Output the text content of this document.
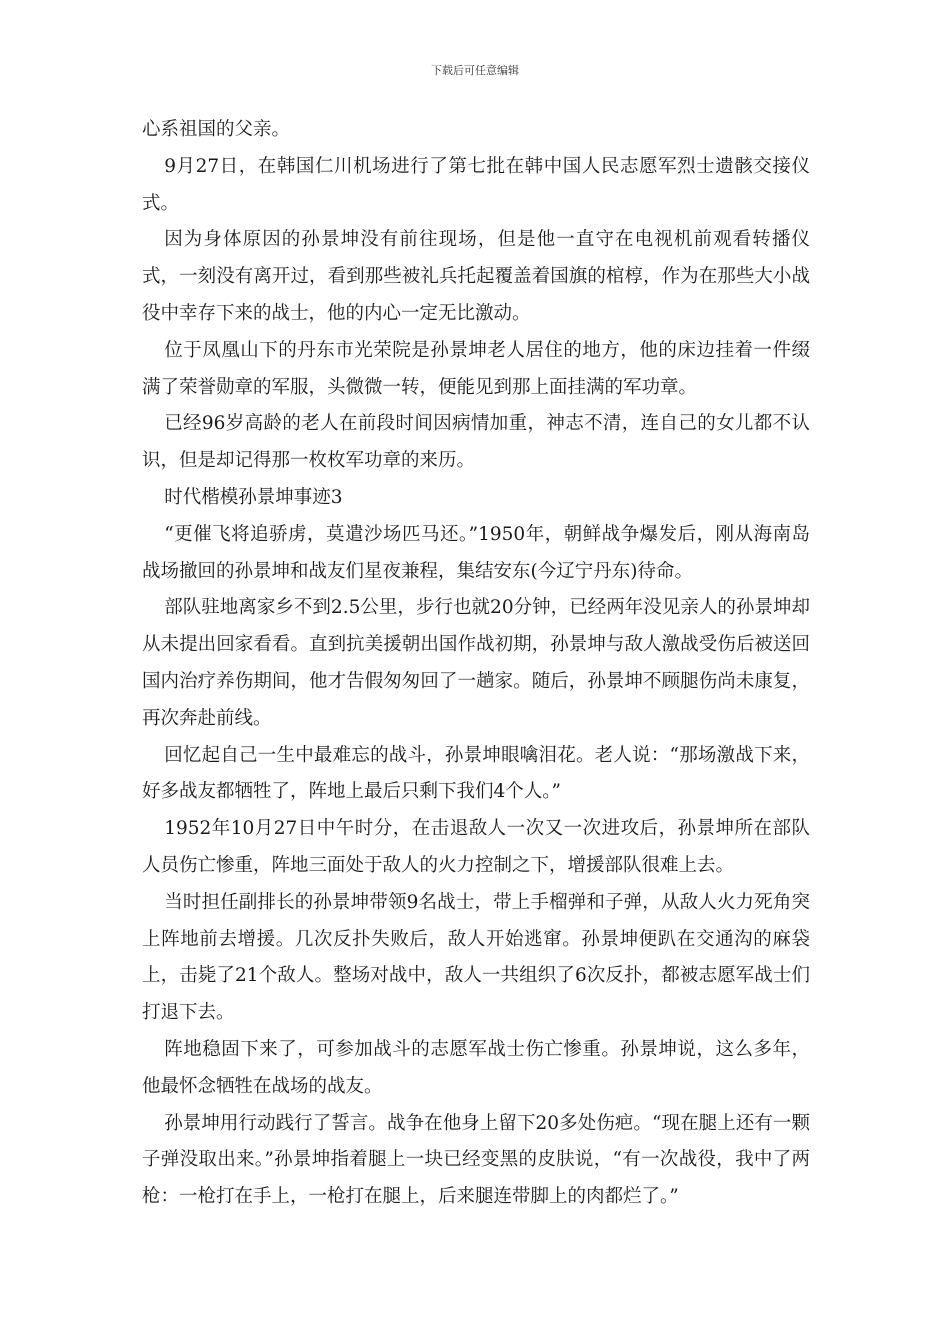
下载后可任意编辑

心系祖国的父亲。

9月27日，在韩国仁川机场进行了第七批在韩中国人民志愿军烈士遗骸交接仪式。

因为身体原因的孙景坤没有前往现场，但是他一直守在电视机前观看转播仪式，一刻没有离开过，看到那些被礼兵托起覆盖着国旗的棺椁，作为在那些大小战役中幸存下来的战士，他的内心一定无比激动。

位于凤凰山下的丹东市光荣院是孙景坤老人居住的地方，他的床边挂着一件缀满了荣誉勋章的军服，头微微一转，便能见到那上面挂满的军功章。

已经96岁高龄的老人在前段时间因病情加重，神志不清，连自己的女儿都不认识，但是却记得那一枚枚军功章的来历。

时代楷模孙景坤事迹3

“更催飞将追骄虏，莫遣沙场匹马还。”1950年，朝鲜战争爆发后，刚从海南岛战场撤回的孙景坤和战友们星夜兼程，集结安东(今辽宁丹东)待命。

部队驻地离家乡不到2.5公里，步行也就20分钟，已经两年没见亲人的孙景坤却从未提出回家看看。直到抗美援朝出国作战初期，孙景坤与敌人激战受伤后被送回国内治疗养伤期间，他才告假匆匆回了一趟家。随后，孙景坤不顾腿伤尚未康复，再次奔赴前线。

回忆起自己一生中最难忘的战斗，孙景坤眼噙泪花。老人说：“那场激战下来，好多战友都牺牲了，阵地上最后只剩下我们4个人。”

1952年10月27日中午时分，在击退敌人一次又一次进攻后，孙景坤所在部队人员伤亡惨重，阵地三面处于敌人的火力控制之下，增援部队很难上去。

当时担任副排长的孙景坤带领9名战士，带上手榴弹和子弹，从敌人火力死角突上阵地前去增援。几次反扑失败后，敌人开始逃窜。孙景坤便趴在交通沟的麻袋上，击毙了21个敌人。整场对战中，敌人一共组织了6次反扑，都被志愿军战士们打退下去。

阵地稳固下来了，可参加战斗的志愿军战士伤亡惨重。孙景坤说，这么多年，他最怀念牺牲在战场的战友。

孙景坤用行动践行了誓言。战争在他身上留下20多处伤疤。“现在腿上还有一颗子弹没取出来。”孙景坤指着腿上一块已经变黑的皮肤说，“有一次战役，我中了两枪：一枪打在手上，一枪打在腿上，后来腿连带脚上的肉都烂了。”
